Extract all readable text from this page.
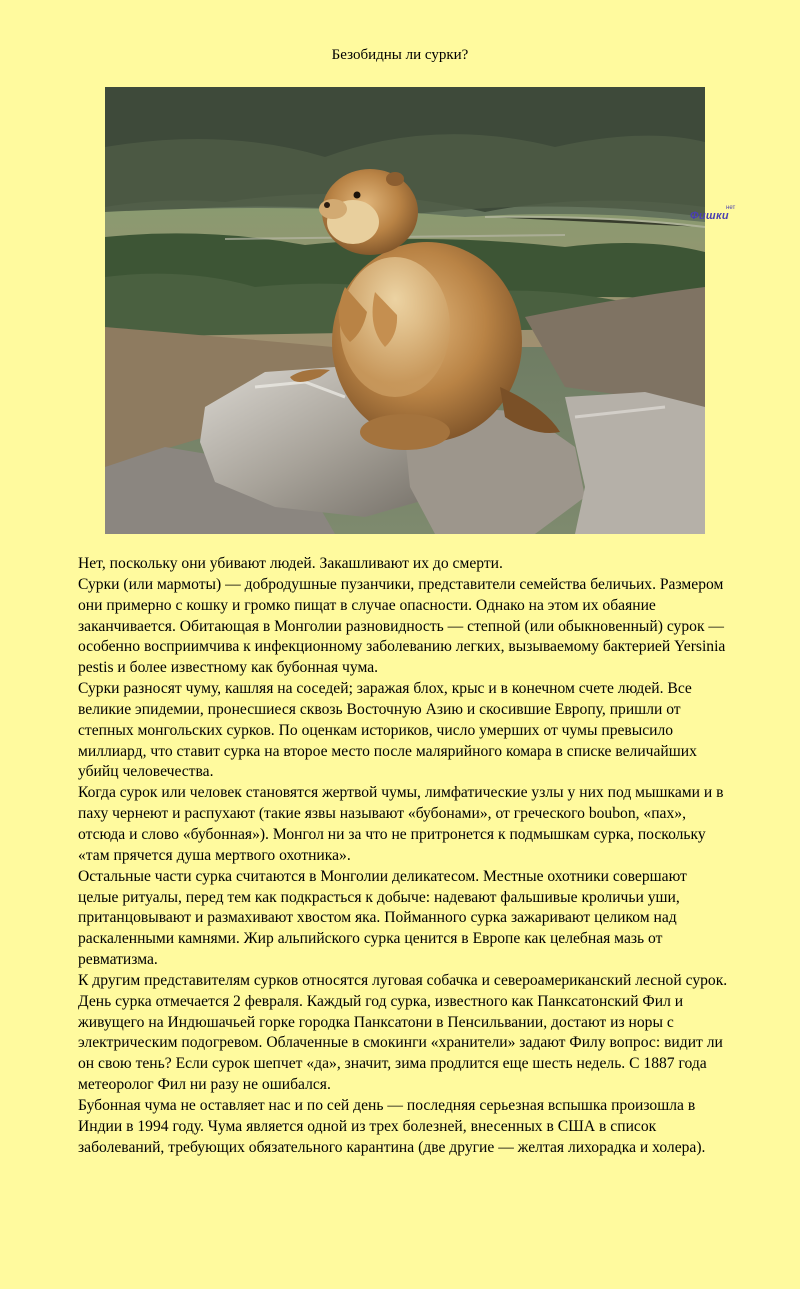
Безобидны ли сурки?
Фишки
нет

Нет, поскольку они убивают людей. Закашливают их до смерти.

Сурки (или мармоты) — добродушные пузанчики, представители семейства беличьих. Размером они примерно с кошку и громко пищат в случае опасности. Однако на этом их обаяние заканчивается. Обитающая в Монголии разновидность — степной (или обыкновенный) сурок — особенно восприимчива к инфекционному заболеванию легких, вызываемому бактерией Yersinia pestis и более известному как бубонная чума.

Сурки разносят чуму, кашляя на соседей; заражая блох, крыс и в конечном счете людей. Все великие эпидемии, пронесшиеся сквозь Восточную Азию и скосившие Европу, пришли от степных монгольских сурков. По оценкам историков, число умерших от чумы превысило миллиард, что ставит сурка на второе место после малярийного комара в списке величайших убийц человечества.

Когда сурок или человек становятся жертвой чумы, лимфатические узлы у них под мышками и в паху чернеют и распухают (такие язвы называют «бубонами», от греческого boubon, «пах», отсюда и слово «бубонная»). Монгол ни за что не притронется к подмышкам сурка, поскольку «там прячется душа мертвого охотника».

Остальные части сурка считаются в Монголии деликатесом. Местные охотники совершают целые ритуалы, перед тем как подкрасться к добыче: надевают фальшивые кроличьи уши, пританцовывают и размахивают хвостом яка. Пойманного сурка зажаривают целиком над раскаленными камнями. Жир альпийского сурка ценится в Европе как целебная мазь от ревматизма.

К другим представителям сурков относятся луговая собачка и североамериканский лесной сурок. День сурка отмечается 2 февраля. Каждый год сурка, известного как Панксатонский Фил и живущего на Индюшачьей горке городка Панксатони в Пенсильвании, достают из норы с электрическим подогревом. Облаченные в смокинги «хранители» задают Филу вопрос: видит ли он свою тень? Если сурок шепчет «да», значит, зима продлится еще шесть недель. С 1887 года метеоролог Фил ни разу не ошибался.

Бубонная чума не оставляет нас и по сей день — последняя серьезная вспышка произошла в Индии в 1994 году. Чума является одной из трех болезней, внесенных в США в список заболеваний, требующих обязательного карантина (две другие — желтая лихорадка и холера).
